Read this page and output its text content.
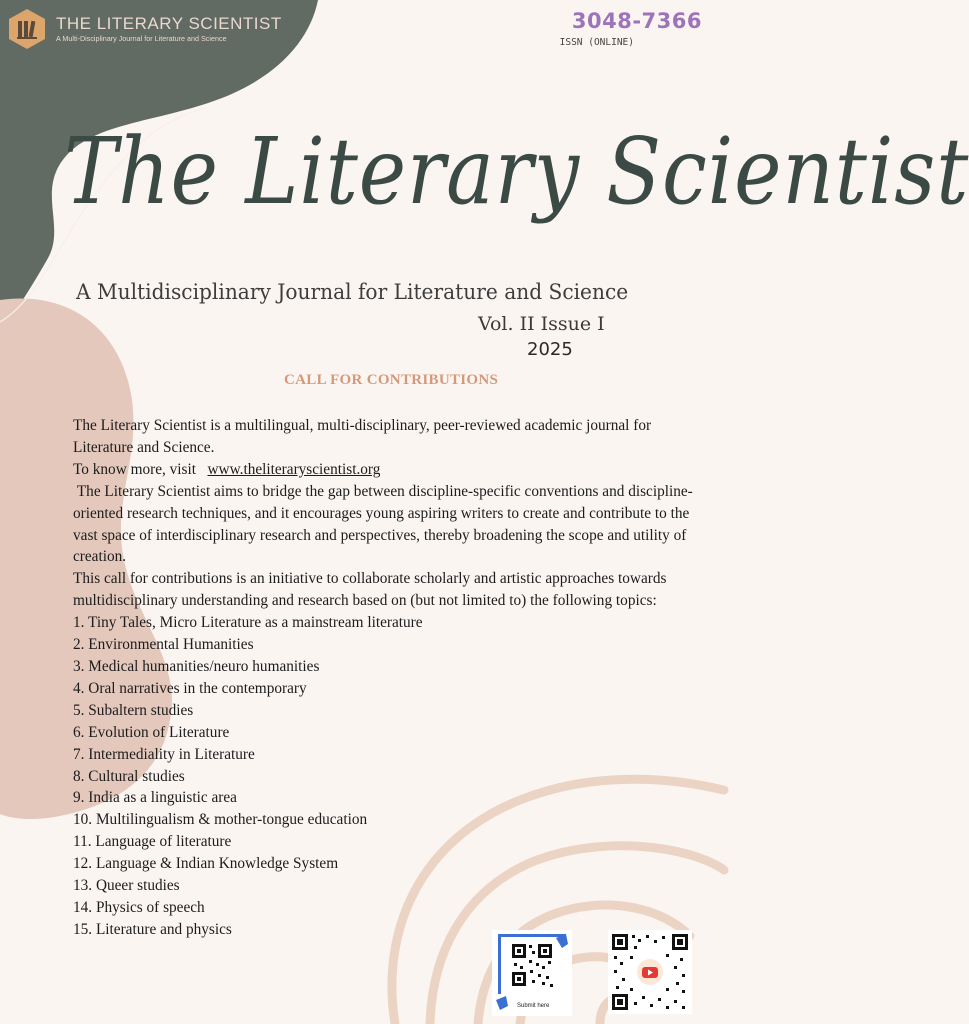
THE LITERARY SCIENTIST
A Multi-Disciplinary Journal for Literature and Science
3048-7366
ISSN (ONLINE)
The Literary Scientist
A Multidisciplinary Journal for Literature and Science
Vol. II Issue I
2025
CALL FOR CONTRIBUTIONS

The Literary Scientist is a multilingual, multi-disciplinary, peer-reviewed academic journal for Literature and Science.

To know more, visit www.theliteraryscientist.org

The Literary Scientist aims to bridge the gap between discipline-specific conventions and discipline-oriented research techniques, and it encourages young aspiring writers to create and contribute to the vast space of interdisciplinary research and perspectives, thereby broadening the scope and utility of creation.

This call for contributions is an initiative to collaborate scholarly and artistic approaches towards multidisciplinary understanding and research based on (but not limited to) the following topics:

1. Tiny Tales, Micro Literature as a mainstream literature
2. Environmental Humanities
3. Medical humanities/neuro humanities
4. Oral narratives in the contemporary
5. Subaltern studies
6. Evolution of Literature
7. Intermediality in Literature
8. Cultural studies
9. India as a linguistic area
10. Multilingualism & mother-tongue education
11. Language of literature
12. Language & Indian Knowledge System
13. Queer studies
14. Physics of speech
15. Literature and physics
Submit here
